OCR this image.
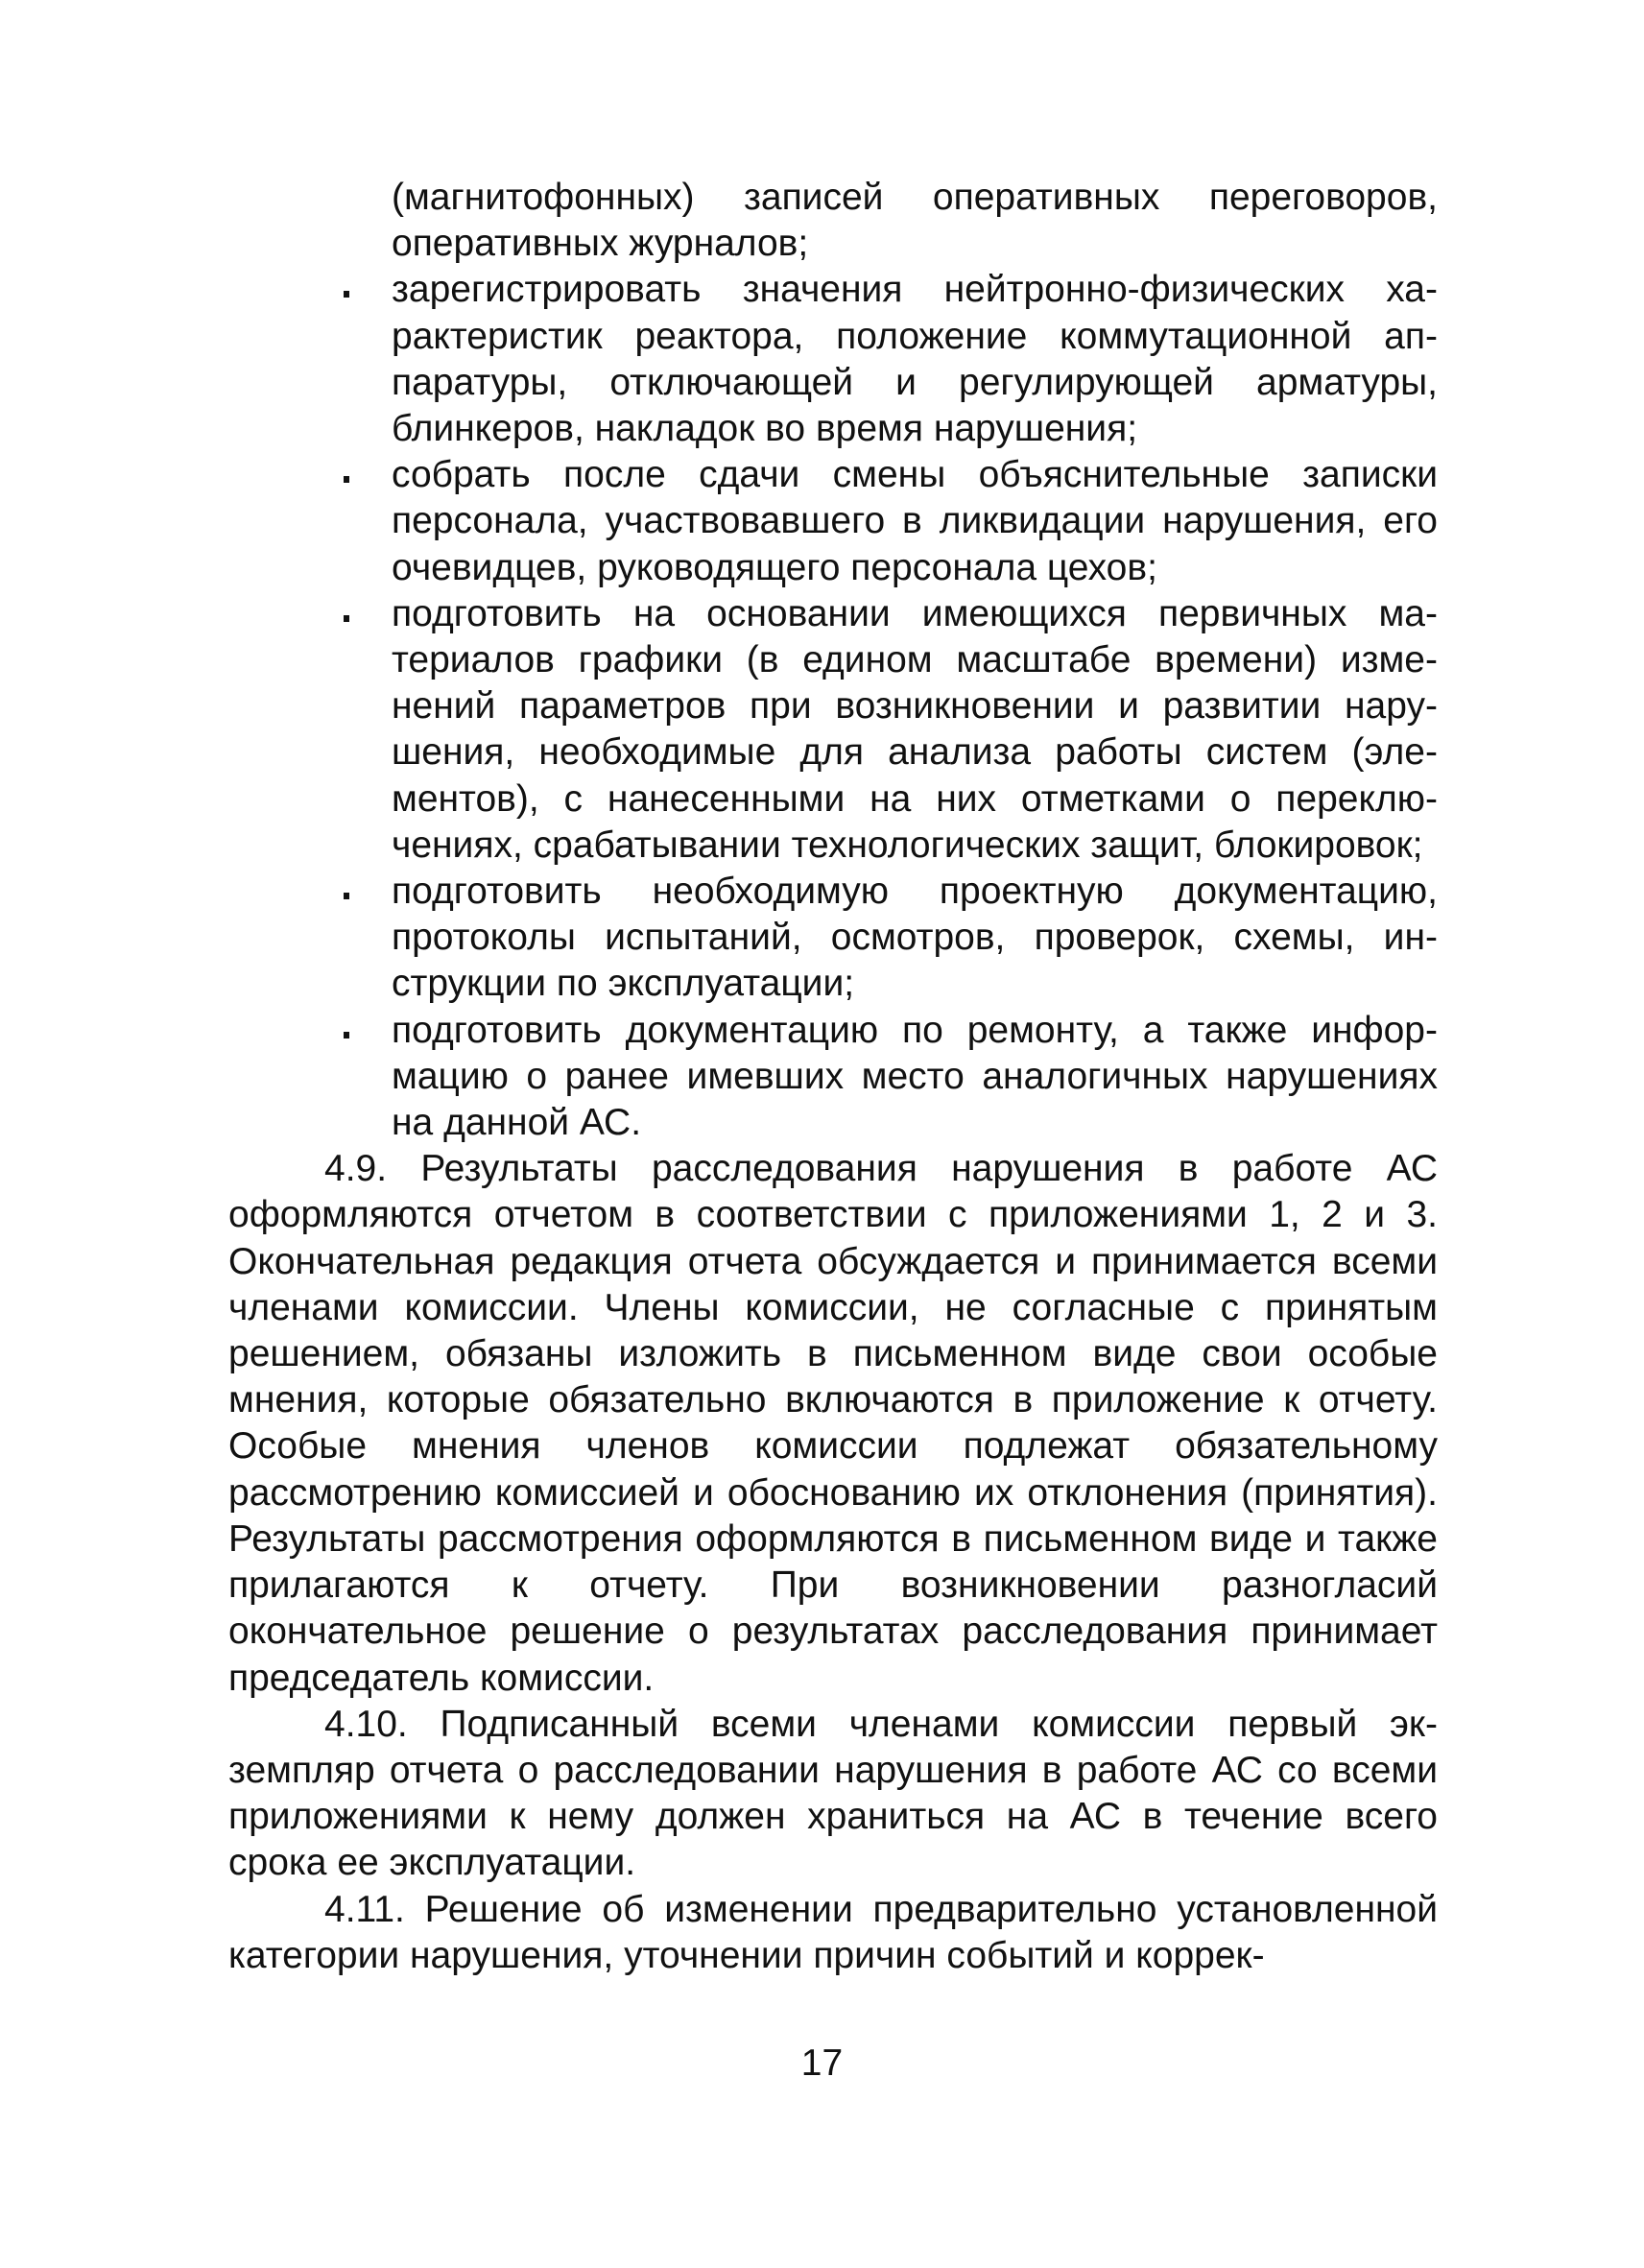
(магнитофонных) записей оперативных переговоров, оперативных журналов;
зарегистрировать значения нейтронно-физических характеристик реактора, положение коммутационной аппаратуры, отключающей и регулирующей арматуры, блинкеров, накладок во время нарушения;
собрать после сдачи смены объяснительные записки персонала, участвовавшего в ликвидации нарушения, его очевидцев, руководящего персонала цехов;
подготовить на основании имеющихся первичных материалов графики (в едином масштабе времени) изменений параметров при возникновении и развитии нарушения, необходимые для анализа работы систем (элементов), с нанесенными на них отметками о переключениях, срабатывании технологических защит, блокировок;
подготовить необходимую проектную документацию, протоколы испытаний, осмотров, проверок, схемы, инструкции по эксплуатации;
подготовить документацию по ремонту, а также информацию о ранее имевших место аналогичных нарушениях на данной АС.

4.9. Результаты расследования нарушения в работе АС оформляются отчетом в соответствии с приложениями 1, 2 и 3. Окончательная редакция отчета обсуждается и принимается всеми членами комиссии. Члены комиссии, не согласные с принятым решением, обязаны изложить в письменном виде свои особые мнения, которые обязательно включаются в приложение к отчету. Особые мнения членов комиссии подлежат обязательному рассмотрению комиссией и обоснованию их отклонения (принятия). Результаты рассмотрения оформляются в письменном виде и также прилагаются к отчету. При возникновении разногласий окончательное решение о результатах расследования принимает председатель комиссии.

4.10. Подписанный всеми членами комиссии первый экземпляр отчета о расследовании нарушения в работе АС со всеми приложениями к нему должен храниться на АС в течение всего срока ее эксплуатации.

4.11. Решение об изменении предварительно установленной категории нарушения, уточнении причин событий и коррек-

17
